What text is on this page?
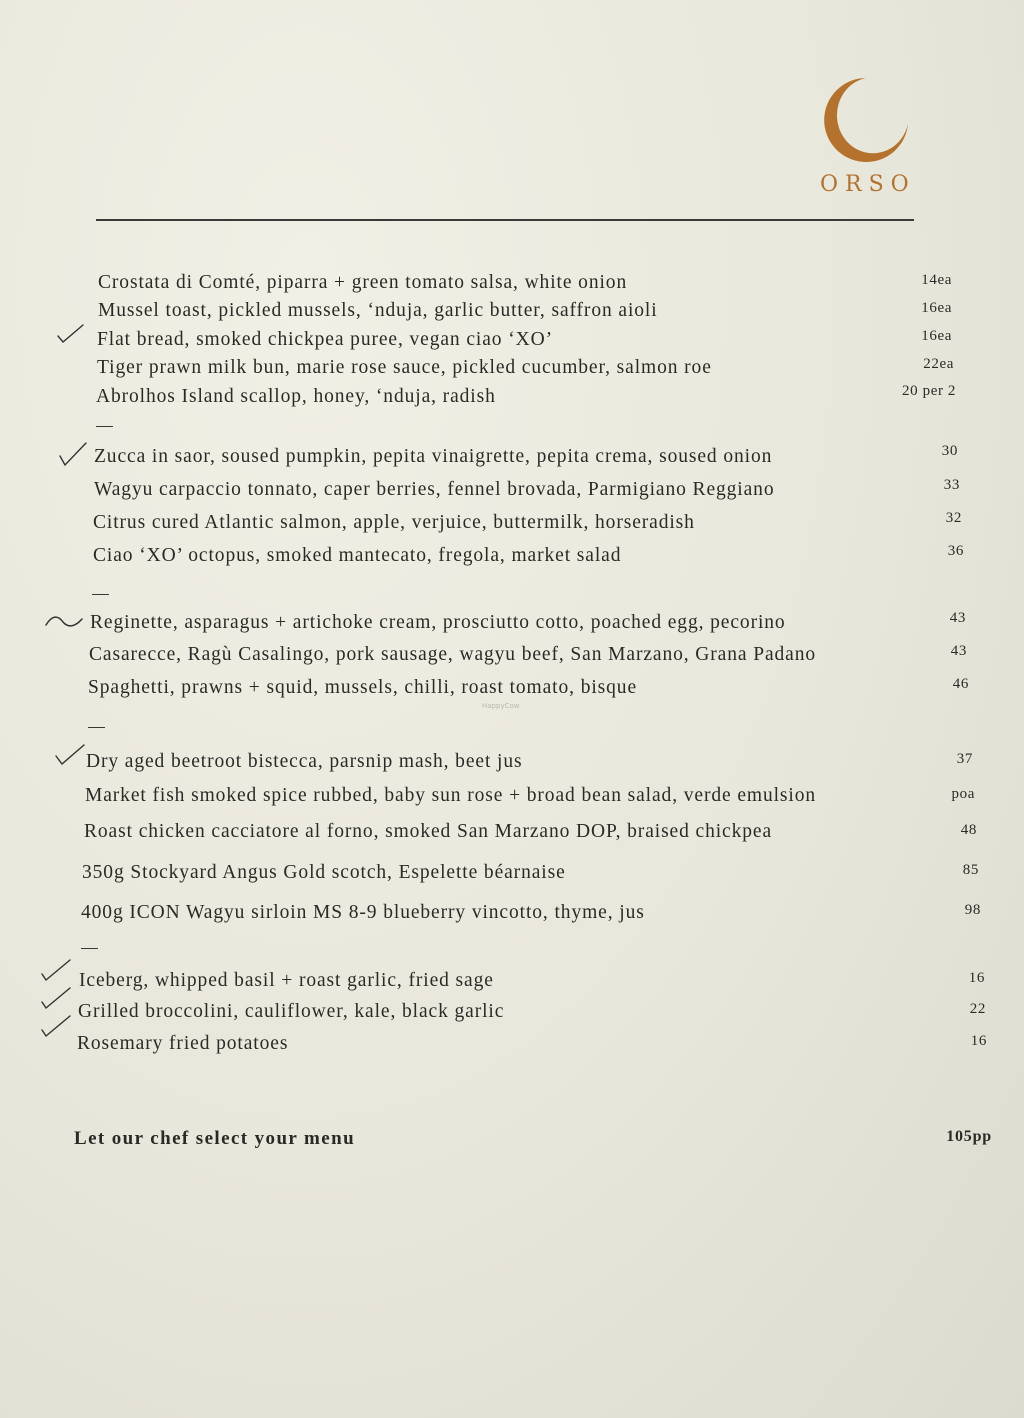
ORSO
Crostata di Comté, piparra + green tomato salsa, white onion	14ea
Mussel toast, pickled mussels, ‘nduja, garlic butter, saffron aioli	16ea
Flat bread, smoked chickpea puree, vegan ciao ‘XO’	16ea
Tiger prawn milk bun, marie rose sauce, pickled cucumber, salmon roe	22ea
Abrolhos Island scallop, honey, ‘nduja, radish	20 per 2
Zucca in saor, soused pumpkin, pepita vinaigrette, pepita crema, soused onion	30
Wagyu carpaccio tonnato, caper berries, fennel brovada, Parmigiano Reggiano	33
Citrus cured Atlantic salmon, apple, verjuice, buttermilk, horseradish	32
Ciao ‘XO’ octopus, smoked mantecato, fregola, market salad	36
Reginette, asparagus + artichoke cream, prosciutto cotto, poached egg, pecorino	43
Casarecce, Ragù Casalingo, pork sausage, wagyu beef, San Marzano, Grana Padano	43
Spaghetti, prawns + squid, mussels, chilli, roast tomato, bisque	46
HappyCow
Dry aged beetroot bistecca, parsnip mash, beet jus	37
Market fish smoked spice rubbed, baby sun rose + broad bean salad, verde emulsion	poa
Roast chicken cacciatore al forno, smoked San Marzano DOP, braised chickpea	48
350g Stockyard Angus Gold scotch, Espelette béarnaise	85
400g ICON Wagyu sirloin MS 8-9 blueberry vincotto, thyme, jus	98
Iceberg, whipped basil + roast garlic, fried sage	16
Grilled broccolini, cauliflower, kale, black garlic	22
Rosemary fried potatoes	16
Let our chef select your menu	105pp
